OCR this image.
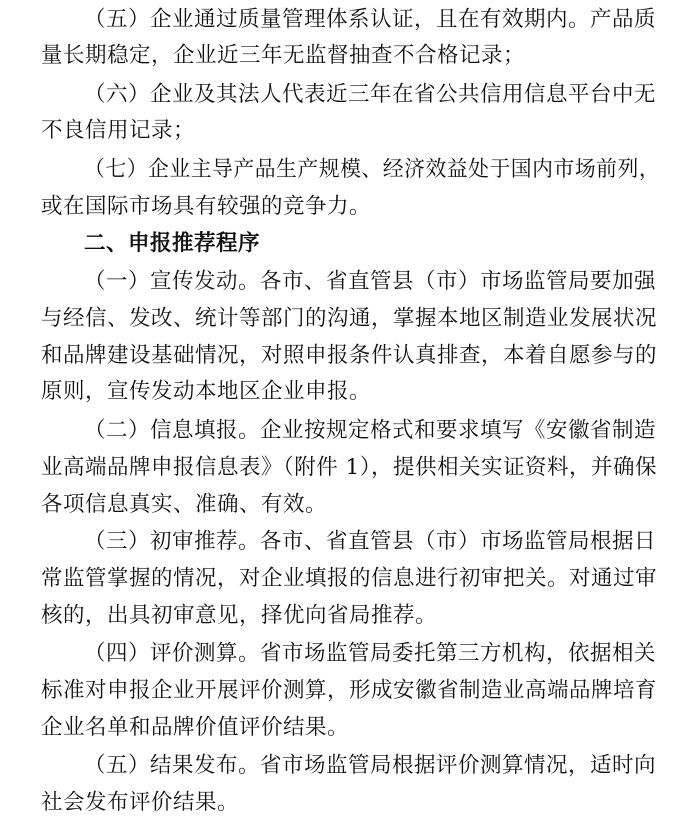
（五）企业通过质量管理体系认证，且在有效期内。产品质
量长期稳定，企业近三年无监督抽查不合格记录；
（六）企业及其法人代表近三年在省公共信用信息平台中无
不良信用记录；
（七）企业主导产品生产规模、经济效益处于国内市场前列，
或在国际市场具有较强的竞争力。
二、申报推荐程序
（一）宣传发动。各市、省直管县（市）市场监管局要加强
与经信、发改、统计等部门的沟通，掌握本地区制造业发展状况
和品牌建设基础情况，对照申报条件认真排查，本着自愿参与的
原则，宣传发动本地区企业申报。
（二）信息填报。企业按规定格式和要求填写《安徽省制造
业高端品牌申报信息表》（附件 1），提供相关实证资料，并确保
各项信息真实、准确、有效。
（三）初审推荐。各市、省直管县（市）市场监管局根据日
常监管掌握的情况，对企业填报的信息进行初审把关。对通过审
核的，出具初审意见，择优向省局推荐。
（四）评价测算。省市场监管局委托第三方机构，依据相关
标准对申报企业开展评价测算，形成安徽省制造业高端品牌培育
企业名单和品牌价值评价结果。
（五）结果发布。省市场监管局根据评价测算情况，适时向
社会发布评价结果。
